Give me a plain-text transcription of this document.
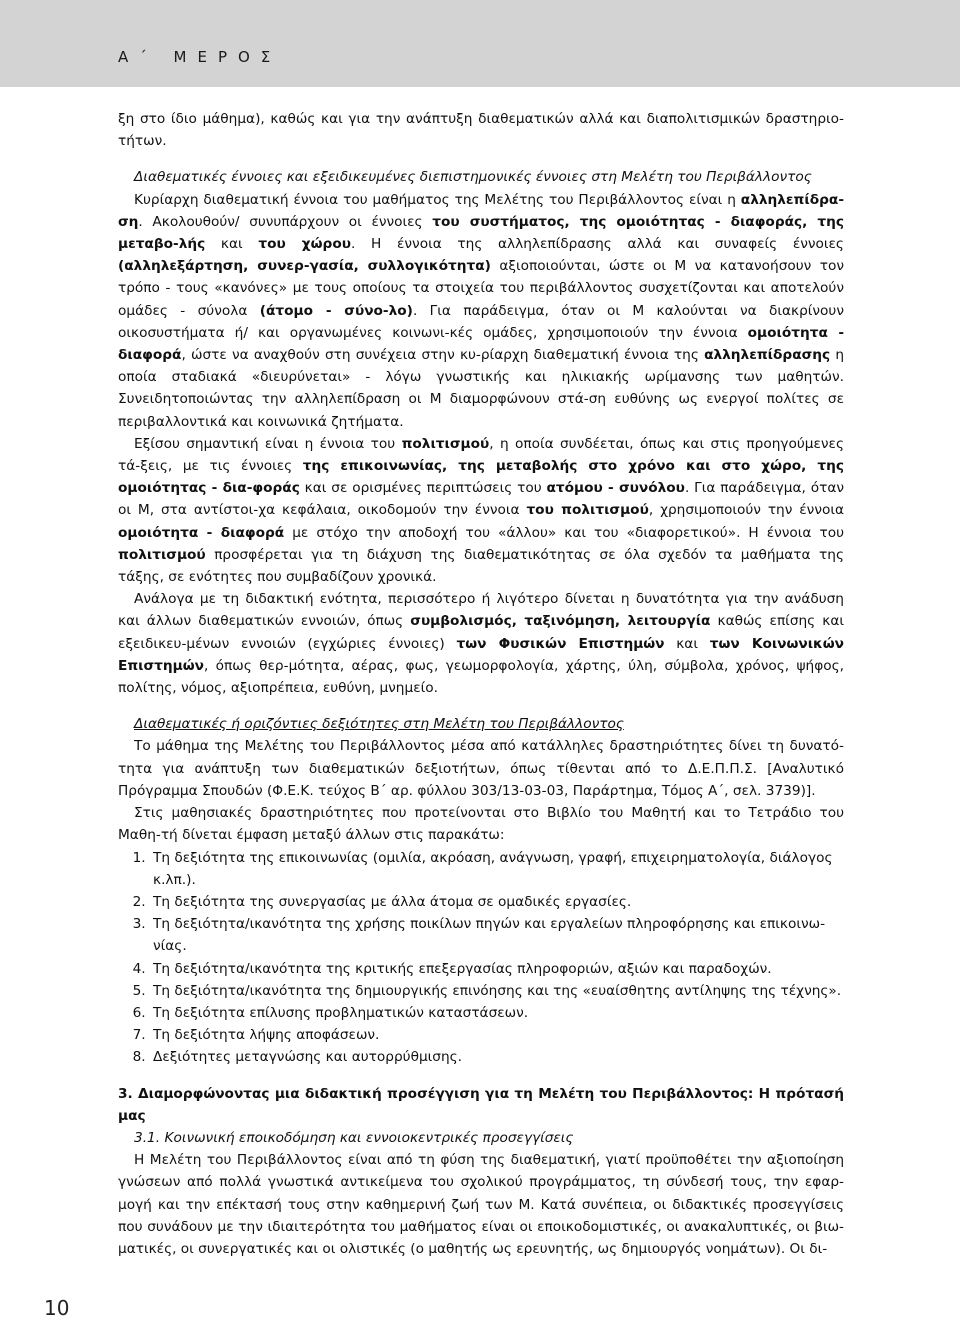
Α΄ ΜΕΡΟΣ

ξη στο ίδιο μάθημα), καθώς και για την ανάπτυξη διαθεματικών αλλά και διαπολιτισμικών δραστηριο-τήτων.

Διαθεματικές έννοιες και εξειδικευμένες διεπιστημονικές έννοιες στη Μελέτη του Περιβάλλοντος

Κυρίαρχη διαθεματική έννοια του μαθήματος της Μελέτης του Περιβάλλοντος είναι η αλληλεπίδρα-ση. Ακολουθούν/ συνυπάρχουν οι έννοιες του συστήματος, της ομοιότητας - διαφοράς, της μεταβο-λής και του χώρου. Η έννοια της αλληλεπίδρασης αλλά και συναφείς έννοιες (αλληλεξάρτηση, συνερ-γασία, συλλογικότητα) αξιοποιούνται, ώστε οι Μ να κατανοήσουν τον τρόπο - τους «κανόνες» με τους οποίους τα στοιχεία του περιβάλλοντος συσχετίζονται και αποτελούν ομάδες - σύνολα (άτομο - σύνο-λο). Για παράδειγμα, όταν οι Μ καλούνται να διακρίνουν οικοσυστήματα ή/ και οργανωμένες κοινωνι-κές ομάδες, χρησιμοποιούν την έννοια ομοιότητα - διαφορά, ώστε να αναχθούν στη συνέχεια στην κυ-ρίαρχη διαθεματική έννοια της αλληλεπίδρασης η οποία σταδιακά «διευρύνεται» - λόγω γνωστικής και ηλικιακής ωρίμανσης των μαθητών. Συνειδητοποιώντας την αλληλεπίδραση οι Μ διαμορφώνουν στά-ση ευθύνης ως ενεργοί πολίτες σε περιβαλλοντικά και κοινωνικά ζητήματα.

Εξίσου σημαντική είναι η έννοια του πολιτισμού, η οποία συνδέεται, όπως και στις προηγούμενες τά-ξεις, με τις έννοιες της επικοινωνίας, της μεταβολής στο χρόνο και στο χώρο, της ομοιότητας - δια-φοράς και σε ορισμένες περιπτώσεις του ατόμου - συνόλου. Για παράδειγμα, όταν οι Μ, στα αντίστοι-χα κεφάλαια, οικοδομούν την έννοια του πολιτισμού, χρησιμοποιούν την έννοια ομοιότητα - διαφορά με στόχο την αποδοχή του «άλλου» και του «διαφορετικού». Η έννοια του πολιτισμού προσφέρεται για τη διάχυση της διαθεματικότητας σε όλα σχεδόν τα μαθήματα της τάξης, σε ενότητες που συμβαδίζουν χρονικά.

Ανάλογα με τη διδακτική ενότητα, περισσότερο ή λιγότερο δίνεται η δυνατότητα για την ανάδυση και άλλων διαθεματικών εννοιών, όπως συμβολισμός, ταξινόμηση, λειτουργία καθώς επίσης και εξειδικευ-μένων εννοιών (εγχώριες έννοιες) των Φυσικών Επιστημών και των Κοινωνικών Επιστημών, όπως θερ-μότητα, αέρας, φως, γεωμορφολογία, χάρτης, ύλη, σύμβολα, χρόνος, ψήφος, πολίτης, νόμος, αξιοπρέπεια, ευθύνη, μνημείο.

Διαθεματικές ή οριζόντιες δεξιότητες στη Μελέτη του Περιβάλλοντος

Το μάθημα της Μελέτης του Περιβάλλοντος μέσα από κατάλληλες δραστηριότητες δίνει τη δυνατό-τητα για ανάπτυξη των διαθεματικών δεξιοτήτων, όπως τίθενται από το Δ.Ε.Π.Π.Σ. [Αναλυτικό Πρόγραμμα Σπουδών (Φ.Ε.Κ. τεύχος Β΄ αρ. φύλλου 303/13-03-03, Παράρτημα, Τόμος Α΄, σελ. 3739)].

Στις μαθησιακές δραστηριότητες που προτείνονται στο Βιβλίο του Μαθητή και το Τετράδιο του Μαθη-τή δίνεται έμφαση μεταξύ άλλων στις παρακάτω:

1. Τη δεξιότητα της επικοινωνίας (ομιλία, ακρόαση, ανάγνωση, γραφή, επιχειρηματολογία, διάλογος κ.λπ.).
2. Τη δεξιότητα της συνεργασίας με άλλα άτομα σε ομαδικές εργασίες.
3. Τη δεξιότητα/ικανότητα της χρήσης ποικίλων πηγών και εργαλείων πληροφόρησης και επικοινω-νίας.
4. Τη δεξιότητα/ικανότητα της κριτικής επεξεργασίας πληροφοριών, αξιών και παραδοχών.
5. Τη δεξιότητα/ικανότητα της δημιουργικής επινόησης και της «ευαίσθητης αντίληψης της τέχνης».
6. Τη δεξιότητα επίλυσης προβληματικών καταστάσεων.
7. Τη δεξιότητα λήψης αποφάσεων.
8. Δεξιότητες μεταγνώσης και αυτορρύθμισης.

3. Διαμορφώνοντας μια διδακτική προσέγγιση για τη Μελέτη του Περιβάλλοντος: Η πρότασή μας

3.1. Κοινωνική εποικοδόμηση και εννοιοκεντρικές προσεγγίσεις

Η Μελέτη του Περιβάλλοντος είναι από τη φύση της διαθεματική, γιατί προϋποθέτει την αξιοποίηση γνώσεων από πολλά γνωστικά αντικείμενα του σχολικού προγράμματος, τη σύνδεσή τους, την εφαρ-μογή και την επέκτασή τους στην καθημερινή ζωή των Μ. Κατά συνέπεια, οι διδακτικές προσεγγίσεις που συνάδουν με την ιδιαιτερότητα του μαθήματος είναι οι εποικοδομιστικές, οι ανακαλυπτικές, οι βιω-ματικές, οι συνεργατικές και οι ολιστικές (ο μαθητής ως ερευνητής, ως δημιουργός νοημάτων). Οι δι-

10
